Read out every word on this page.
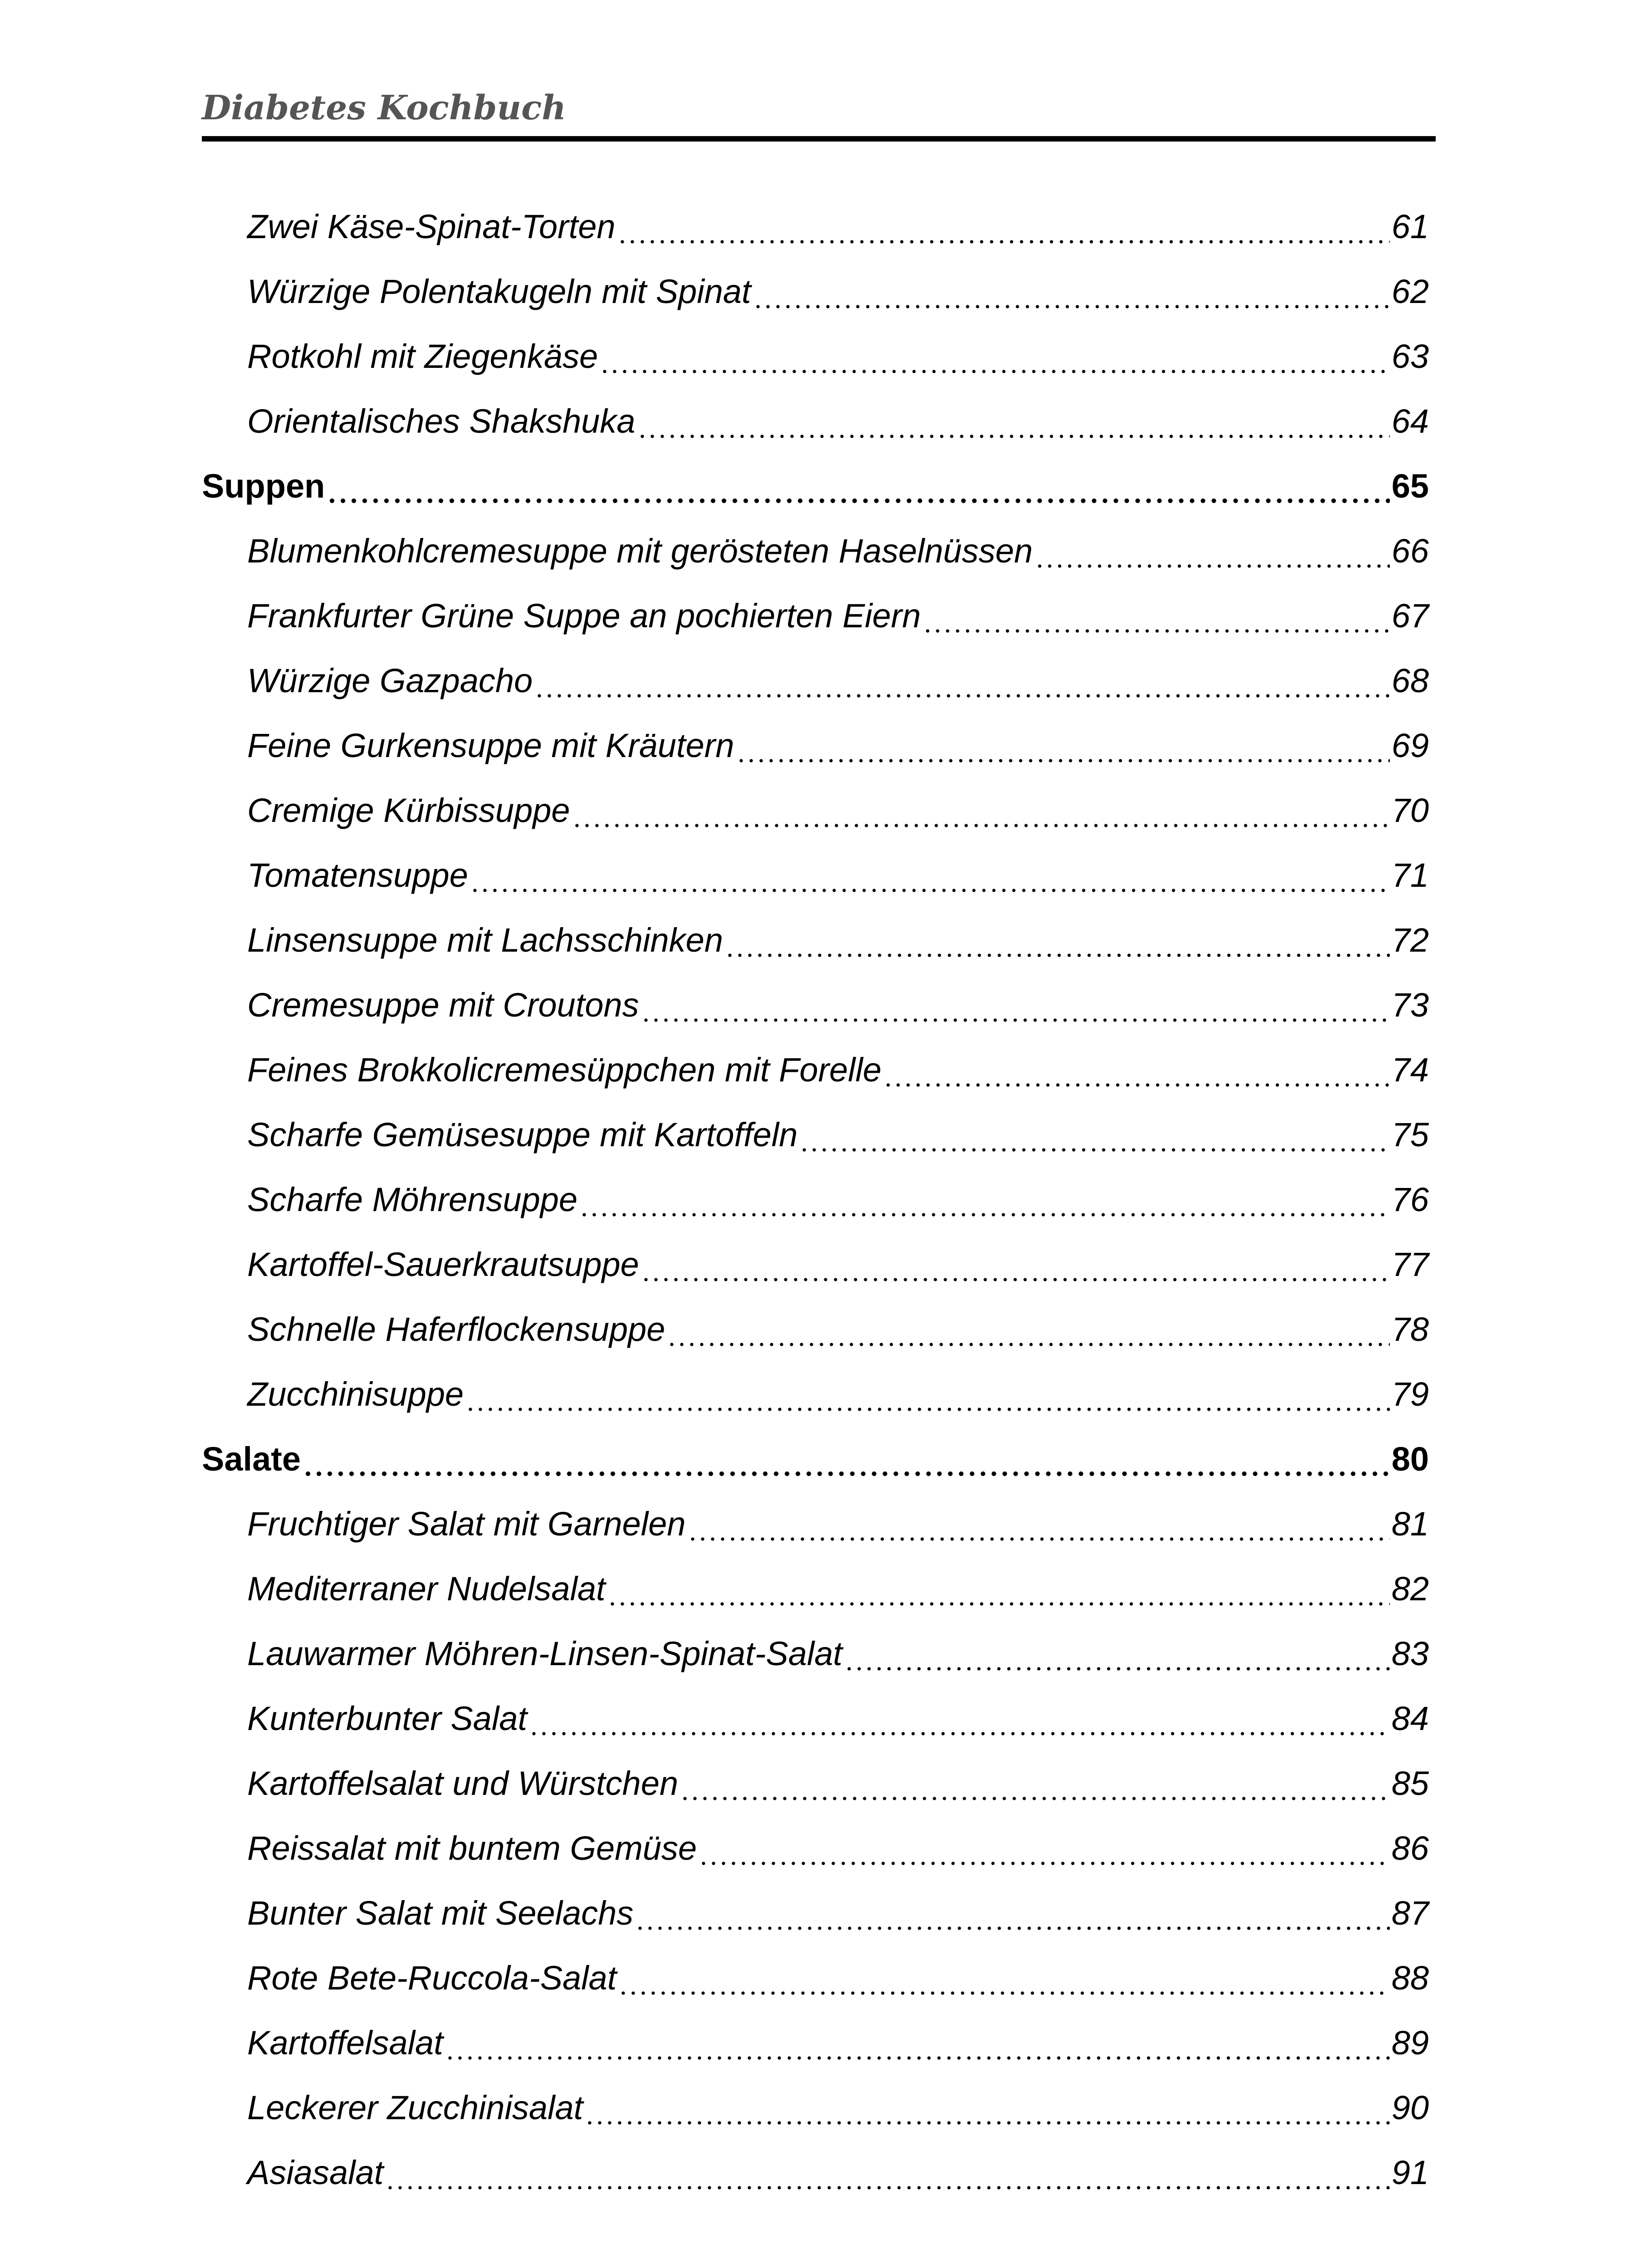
Diabetes Kochbuch
Zwei Käse-Spinat-Torten	61
Würzige Polentakugeln mit Spinat	62
Rotkohl mit Ziegenkäse	63
Orientalisches Shakshuka	64
Suppen	65
Blumenkohlcremesuppe mit gerösteten Haselnüssen	66
Frankfurter Grüne Suppe an pochierten Eiern	67
Würzige Gazpacho	68
Feine Gurkensuppe mit Kräutern	69
Cremige Kürbissuppe	70
Tomatensuppe	71
Linsensuppe mit Lachsschinken	72
Cremesuppe mit Croutons	73
Feines Brokkolicremesüppchen mit Forelle	74
Scharfe Gemüsesuppe mit Kartoffeln	75
Scharfe Möhrensuppe	76
Kartoffel-Sauerkrautsuppe	77
Schnelle Haferflockensuppe	78
Zucchinisuppe	79
Salate	80
Fruchtiger Salat mit Garnelen	81
Mediterraner Nudelsalat	82
Lauwarmer Möhren-Linsen-Spinat-Salat	83
Kunterbunter Salat	84
Kartoffelsalat und Würstchen	85
Reissalat mit buntem Gemüse	86
Bunter Salat mit Seelachs	87
Rote Bete-Ruccola-Salat	88
Kartoffelsalat	89
Leckerer Zucchinisalat	90
Asiasalat	91
